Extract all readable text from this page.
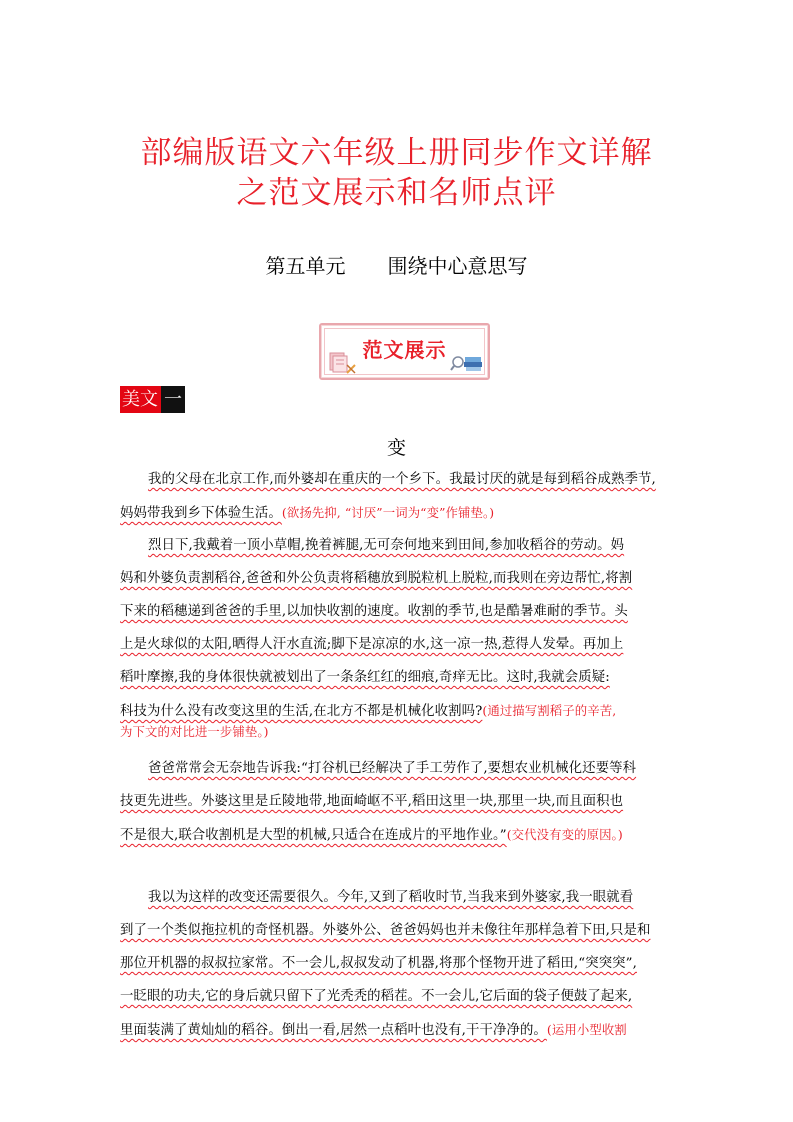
部编版语文六年级上册同步作文详解
之范文展示和名师点评
第五单元 围绕中心意思写
范文展示
美文 一
变
我的父母在北京工作,而外婆却在重庆的一个乡下。我最讨厌的就是每到稻谷成熟季节,
妈妈带我到乡下体验生活。(欲扬先抑, “讨厌”一词为“变”作铺垫。)
烈日下,我戴着一顶小草帽,挽着裤腿,无可奈何地来到田间,参加收稻谷的劳动。妈
妈和外婆负责割稻谷,爸爸和外公负责将稻穗放到脱粒机上脱粒,而我则在旁边帮忙,将割
下来的稻穗递到爸爸的手里,以加快收割的速度。收割的季节,也是酷暑难耐的季节。头
上是火球似的太阳,晒得人汗水直流;脚下是凉凉的水,这一凉一热,惹得人发晕。再加上
稻叶摩擦,我的身体很快就被划出了一条条红红的细痕,奇痒无比。这时,我就会质疑:
科技为什么没有改变这里的生活,在北方不都是机械化收割吗?(通过描写割稻子的辛苦,
为下文的对比进一步铺垫。)
爸爸常常会无奈地告诉我:“打谷机已经解决了手工劳作了,要想农业机械化还要等科
技更先进些。外婆这里是丘陵地带,地面崎岖不平,稻田这里一块,那里一块,而且面积也
不是很大,联合收割机是大型的机械,只适合在连成片的平地作业。”(交代没有变的原因。)
我以为这样的改变还需要很久。今年,又到了稻收时节,当我来到外婆家,我一眼就看
到了一个类似拖拉机的奇怪机器。外婆外公、爸爸妈妈也并未像往年那样急着下田,只是和
那位开机器的叔叔拉家常。不一会儿,叔叔发动了机器,将那个怪物开进了稻田,“突突突”,
一眨眼的功夫,它的身后就只留下了光秃秃的稻茬。不一会儿,它后面的袋子便鼓了起来,
里面装满了黄灿灿的稻谷。倒出一看,居然一点稻叶也没有,干干净净的。(运用小型收割
